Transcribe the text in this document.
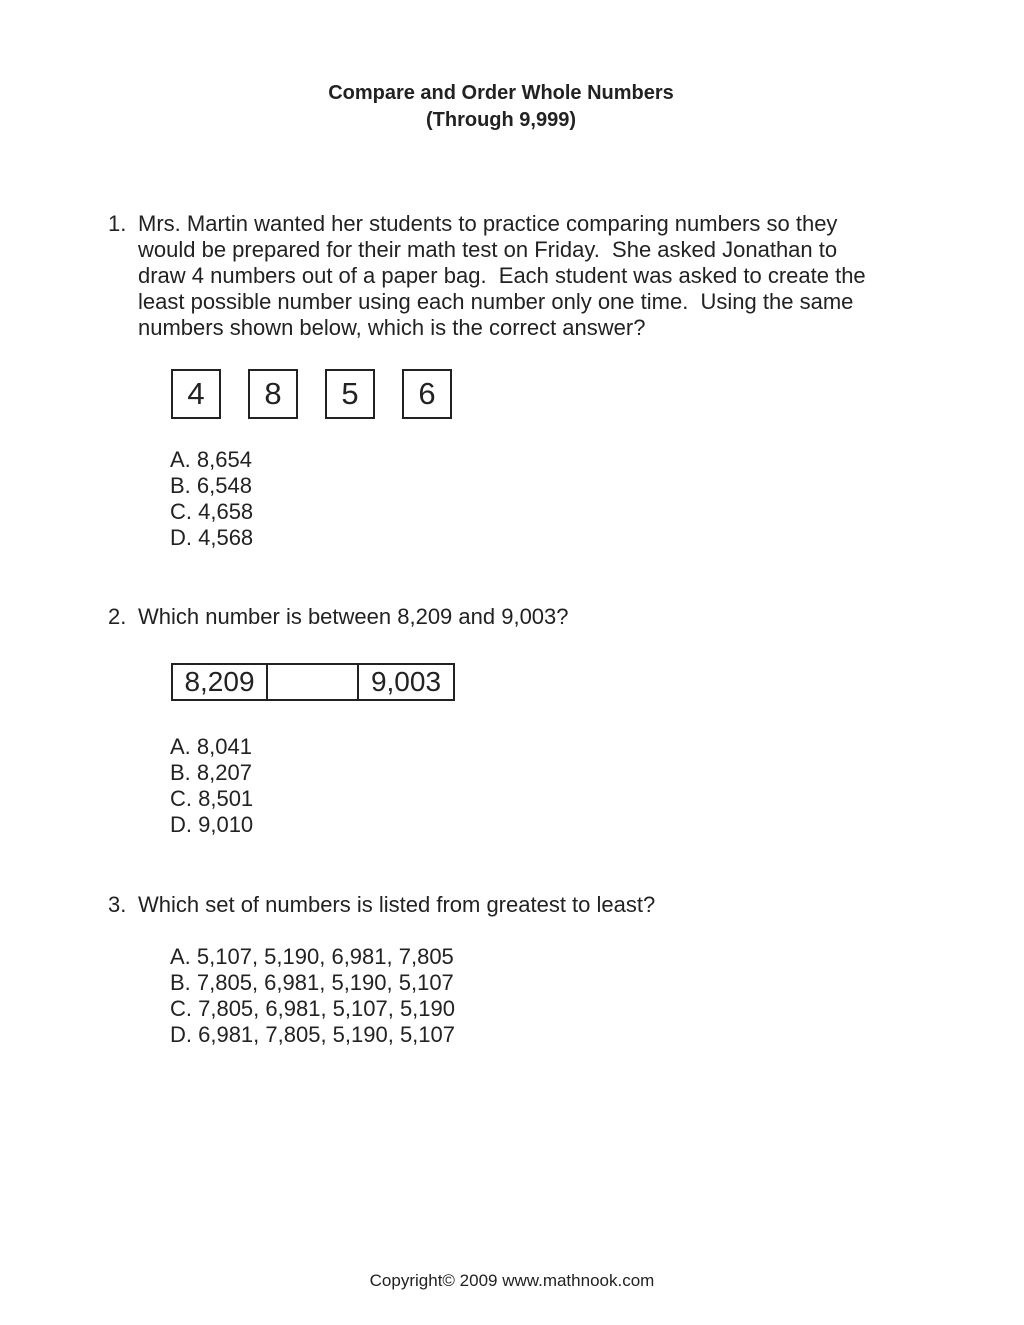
Compare and Order Whole Numbers
(Through 9,999)
1. Mrs. Martin wanted her students to practice comparing numbers so they
would be prepared for their math test on Friday.  She asked Jonathan to
draw 4 numbers out of a paper bag.  Each student was asked to create the
least possible number using each number only one time.  Using the same
numbers shown below, which is the correct answer?
4	8	5	6
A. 8,654
B. 6,548
C. 4,658
D. 4,568
2. Which number is between 8,209 and 9,003?
8,209	9,003
A. 8,041
B. 8,207
C. 8,501
D. 9,010
3. Which set of numbers is listed from greatest to least?
A. 5,107, 5,190, 6,981, 7,805
B. 7,805, 6,981, 5,190, 5,107
C. 7,805, 6,981, 5,107, 5,190
D. 6,981, 7,805, 5,190, 5,107
Copyright© 2009 www.mathnook.com
